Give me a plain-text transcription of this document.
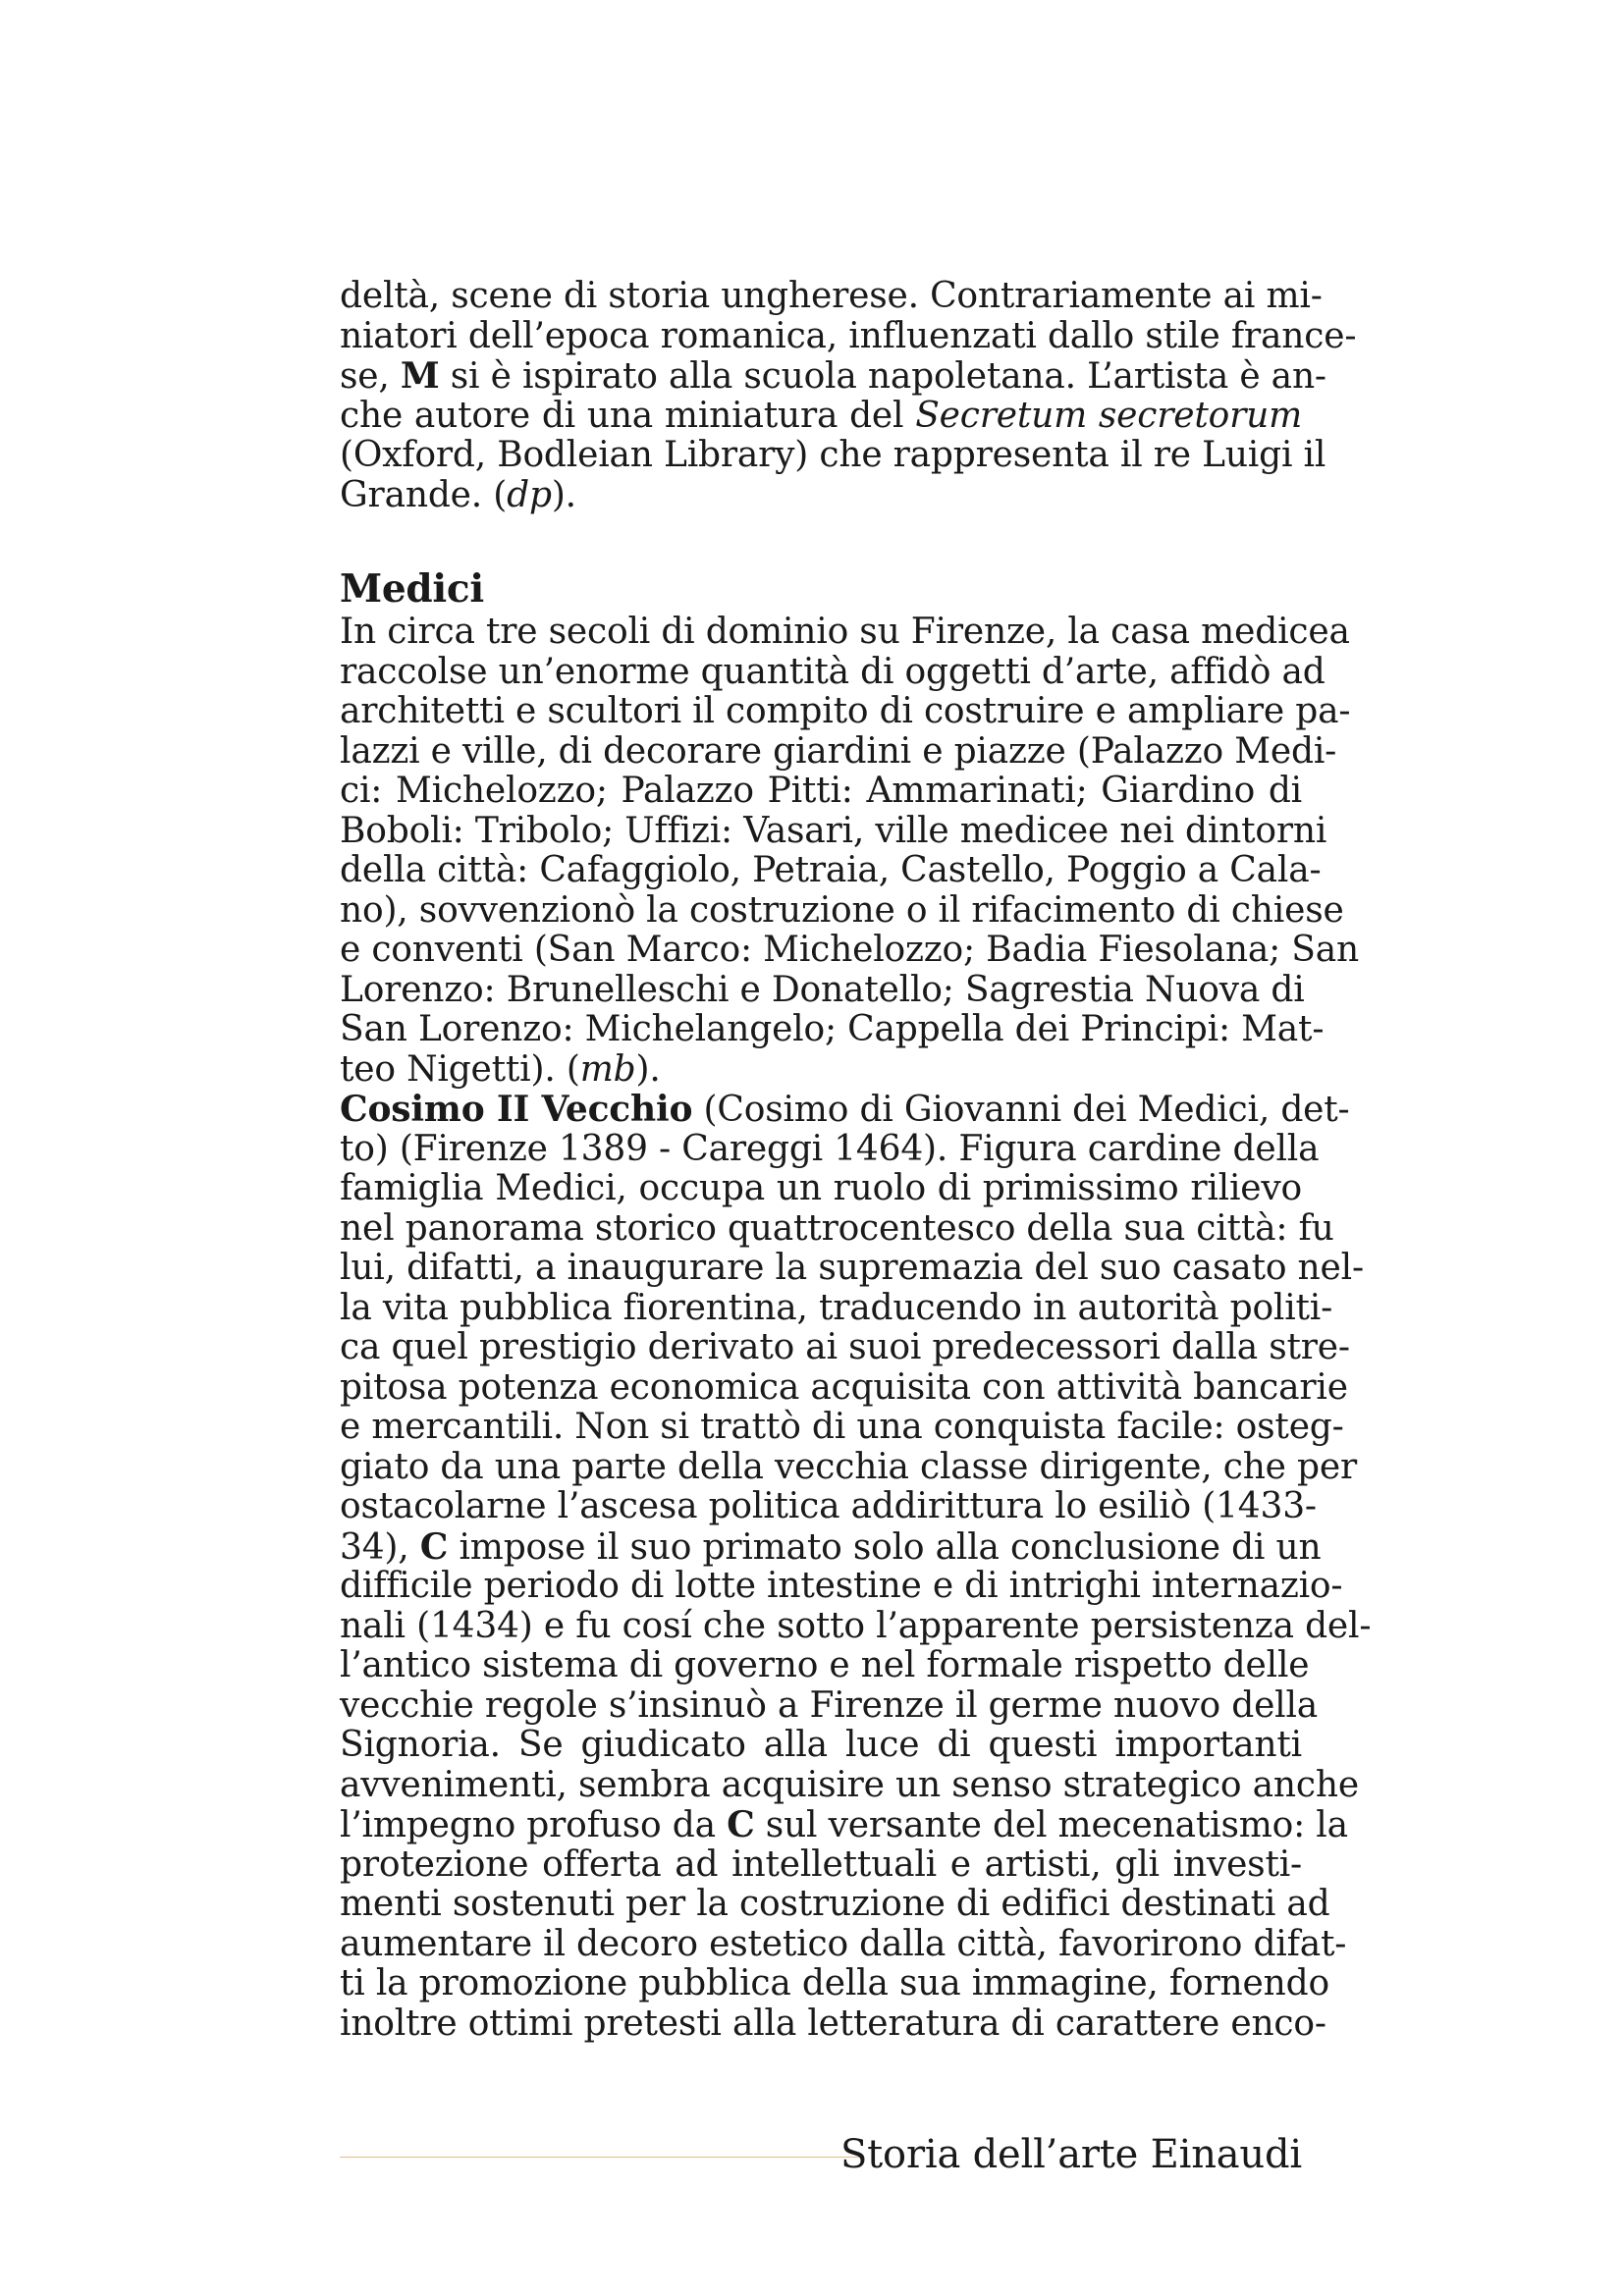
deltà, scene di storia ungherese. Contrariamente ai mi-
niatori dell’epoca romanica, influenzati dallo stile france-
se, M si è ispirato alla scuola napoletana. L’artista è an-
che autore di una miniatura del Secretum secretorum
(Oxford, Bodleian Library) che rappresenta il re Luigi il
Grande. (dp).
Medici
In circa tre secoli di dominio su Firenze, la casa medicea
raccolse un’enorme quantità di oggetti d’arte, affidò ad
architetti e scultori il compito di costruire e ampliare pa-
lazzi e ville, di decorare giardini e piazze (Palazzo Medi-
ci: Michelozzo; Palazzo Pitti: Ammarinati; Giardino di
Boboli: Tribolo; Uffizi: Vasari, ville medicee nei dintorni
della città: Cafaggiolo, Petraia, Castello, Poggio a Cala-
no), sovvenzionò la costruzione o il rifacimento di chiese
e conventi (San Marco: Michelozzo; Badia Fiesolana; San
Lorenzo: Brunelleschi e Donatello; Sagrestia Nuova di
San Lorenzo: Michelangelo; Cappella dei Principi: Mat-
teo Nigetti). (mb).
Cosimo II Vecchio (Cosimo di Giovanni dei Medici, det-
to) (Firenze 1389 - Careggi 1464). Figura cardine della
famiglia Medici, occupa un ruolo di primissimo rilievo
nel panorama storico quattrocentesco della sua città: fu
lui, difatti, a inaugurare la supremazia del suo casato nel-
la vita pubblica fiorentina, traducendo in autorità politi-
ca quel prestigio derivato ai suoi predecessori dalla stre-
pitosa potenza economica acquisita con attività bancarie
e mercantili. Non si trattò di una conquista facile: osteg-
giato da una parte della vecchia classe dirigente, che per
ostacolarne l’ascesa politica addirittura lo esiliò (1433-
34), C impose il suo primato solo alla conclusione di un
difficile periodo di lotte intestine e di intrighi internazio-
nali (1434) e fu cosí che sotto l’apparente persistenza del-
l’antico sistema di governo e nel formale rispetto delle
vecchie regole s’insinuò a Firenze il germe nuovo della
Signoria. Se giudicato alla luce di questi importanti
avvenimenti, sembra acquisire un senso strategico anche
l’impegno profuso da C sul versante del mecenatismo: la
protezione offerta ad intellettuali e artisti, gli investi-
menti sostenuti per la costruzione di edifici destinati ad
aumentare il decoro estetico dalla città, favorirono difat-
ti la promozione pubblica della sua immagine, fornendo
inoltre ottimi pretesti alla letteratura di carattere enco-
Storia dell’arte Einaudi
